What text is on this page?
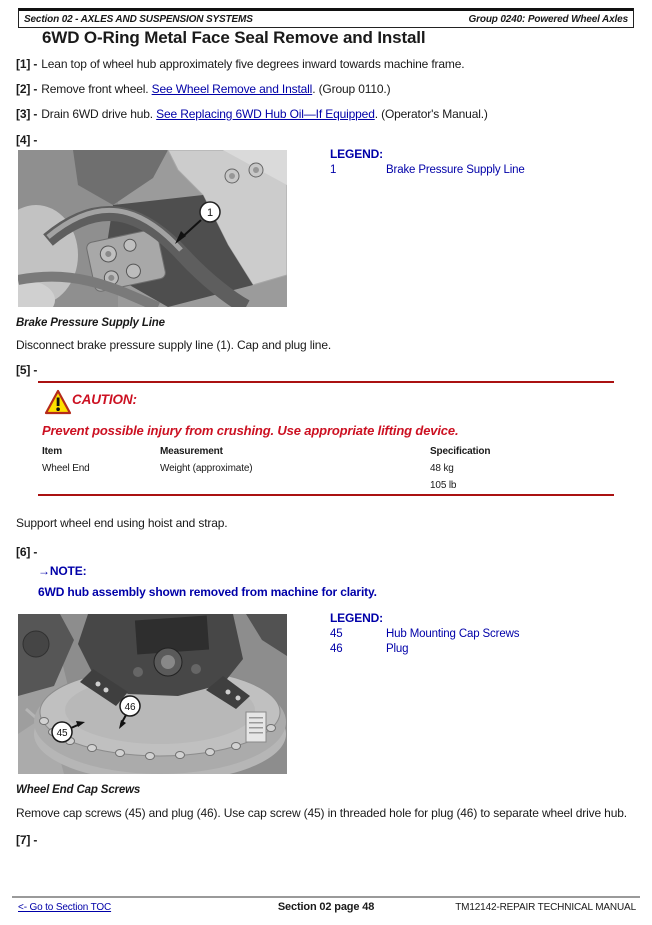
Section 02 - AXLES AND SUSPENSION SYSTEMS	Group 0240: Powered Wheel Axles
6WD O-Ring Metal Face Seal Remove and Install

[1] - Lean top of wheel hub approximately five degrees inward towards machine frame.

[2] - Remove front wheel. See Wheel Remove and Install. (Group 0110.)

[3] - Drain 6WD drive hub. See Replacing 6WD Hub Oil—If Equipped. (Operator's Manual.)

[4] -

1
LEGEND:
1	Brake Pressure Supply Line

Brake Pressure Supply Line

Disconnect brake pressure supply line (1). Cap and plug line.

[5] -

CAUTION:
Prevent possible injury from crushing. Use appropriate lifting device.
Item	Measurement	Specification
Wheel End	Weight (approximate)	48 kg
105 lb

Support wheel end using hoist and strap.

[6] -

→NOTE:
6WD hub assembly shown removed from machine for clarity.
46
45
LEGEND:
45	Hub Mounting Cap Screws
46	Plug

Wheel End Cap Screws

Remove cap screws (45) and plug (46). Use cap screw (45) in threaded hole for plug (46) to separate wheel drive hub.

[7] -

<- Go to Section TOC	Section 02 page 48	TM12142-REPAIR TECHNICAL MANUAL
